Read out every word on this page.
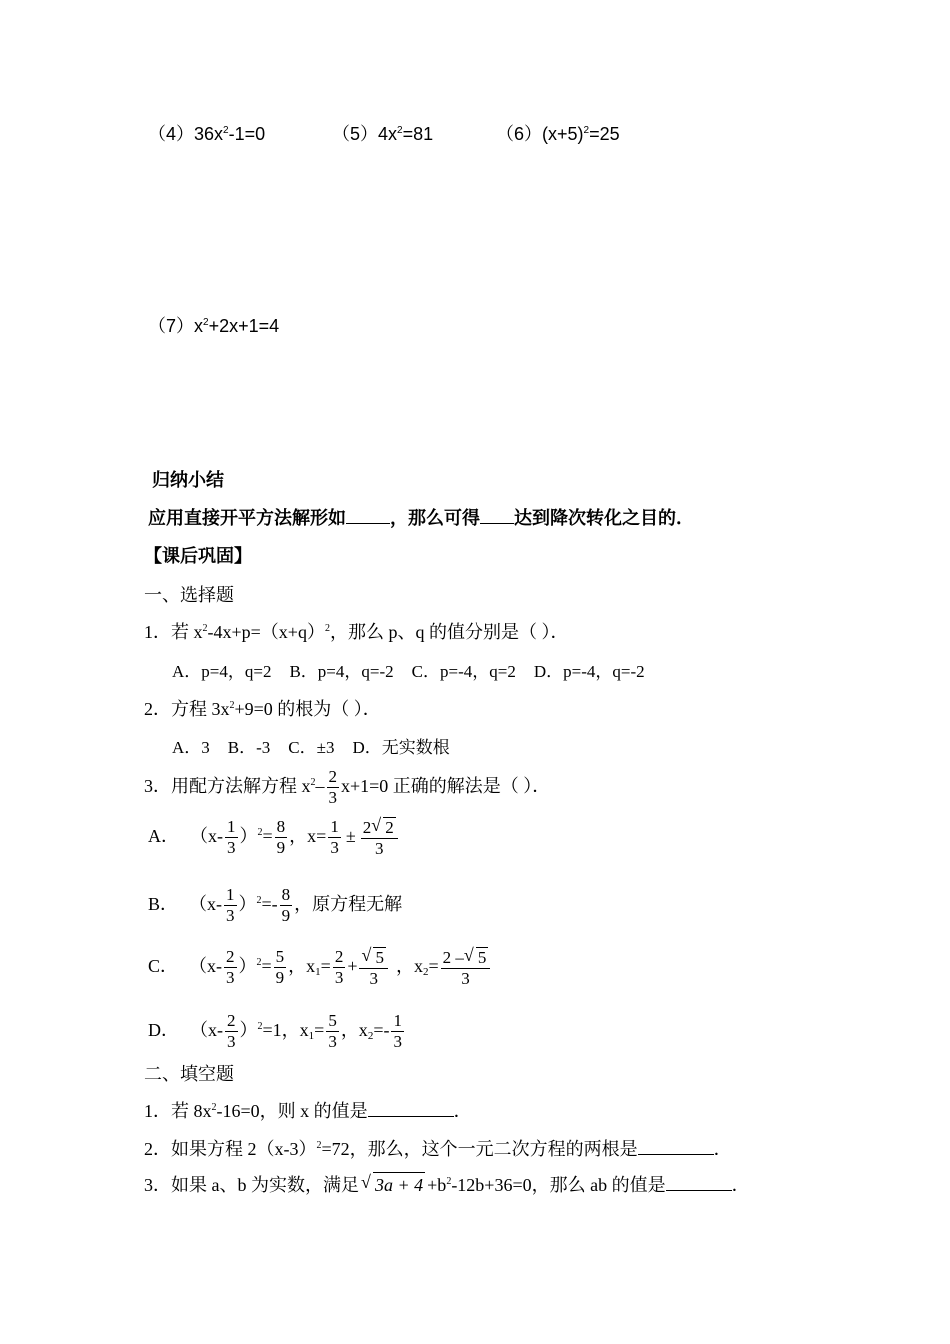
$(4)36x^2-1=0$	$(5)4x^2=81$	$(6)(x+5)^2=25$
$(7)x^2+2x+1=4$
归纳小结
应用直接开平方法解形如 ，那么可得 达到降次转化之目的．
【课后巩固】
一、选择题
1．若 $x^2-4x+p=(x+q)^2$，那么 p、q 的值分别是（ ）．
A．p=4，q=2 B．p=4，q=-2 C．p=-4，q=2 D．p=-4，q=-2
2．方程 $3x^2+9=0$ 的根为（ ）．
A．3 B．-3 C．±3 D．无实数根
3．用配方法解方程 $x^2- \frac{2}{3} x+1=0$ 正确的解法是（ ）．
A． $(x- \frac{1}{3} )^2= \frac{8}{9}$ ，$x= \frac{1}{3} \pm \frac{2 √ 2}{3}$
B． $(x- \frac{1}{3} )^2=- \frac{8}{9}$ ，原方程无解
C． $(x- \frac{2}{3} )^2= \frac{5}{9}$ ，$x_1= \frac{2}{3} + \frac{√ 5}{3}$ ，$x_2= \frac{2 - √ 5}{3}$
D． $(x- \frac{2}{3} )^2=1$，$x_1= \frac{5}{3}$ ，$x_2=- \frac{1}{3}$
二、填空题
1．若 $8x^2-16=0$，则 x 的值是	．
2．如果方程 $2(x-3)^2=72$，那么，这个一元二次方程的两根是	．
3．如果 a、b 为实数，满足 √ $3a + 4 +b^2-12b+36=0$，那么 ab 的值是	．
